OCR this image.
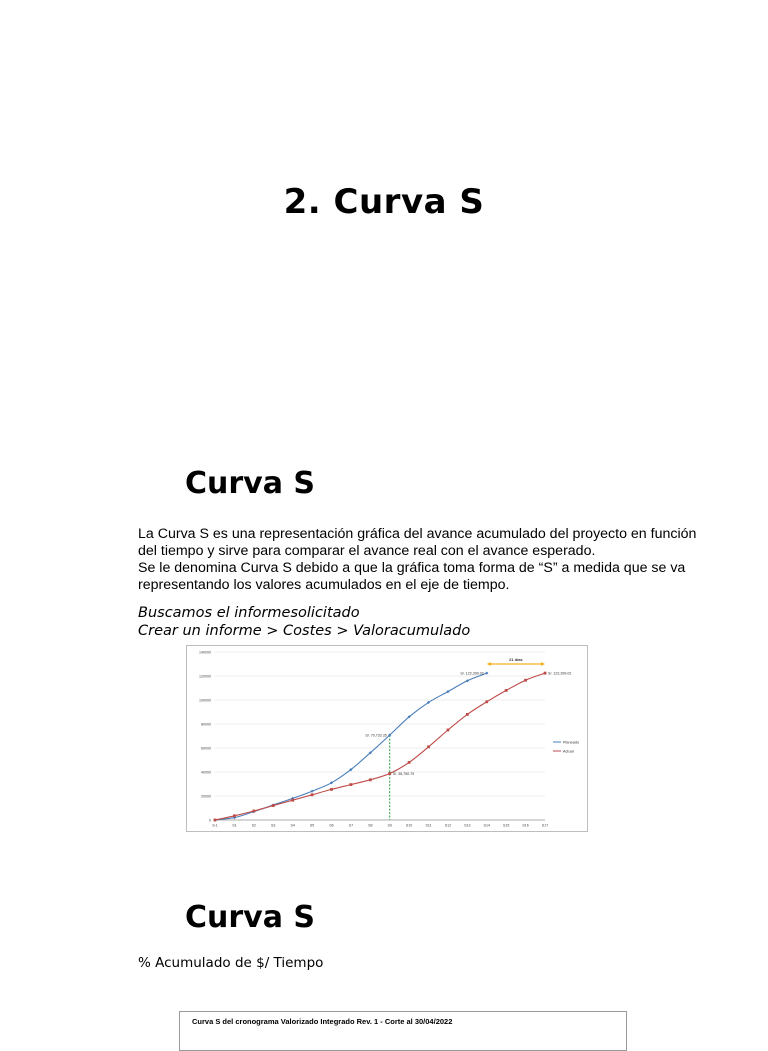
2. Curva S
Curva S

La Curva S es una representación gráfica del avance acumulado del proyecto en función
del tiempo y sirve para comparar el avance real con el avance esperado.
Se le denomina Curva S debido a que la gráfica toma forma de “S” a medida que se va
representando los valores acumulados en el eje de tiempo.

Buscamos el informesolicitado

Crear un informe > Costes > Valoracumulado

0
20000
40000
60000
80000
100000
120000
140000
S-1	S1	S2	S3	S4	S5	S6	S7	S8	S9	S10	S11	S12	S13	S14	S15	S16	S17
S/. 70,733.35
S/. 38,750.79
S/. 122,399.02	S/. 122,399.02
21 días
Planeado
Actual
Curva S

% Acumulado de $/ Tiempo

Curva S del cronograma Valorizado Integrado Rev. 1 - Corte al 30/04/2022
